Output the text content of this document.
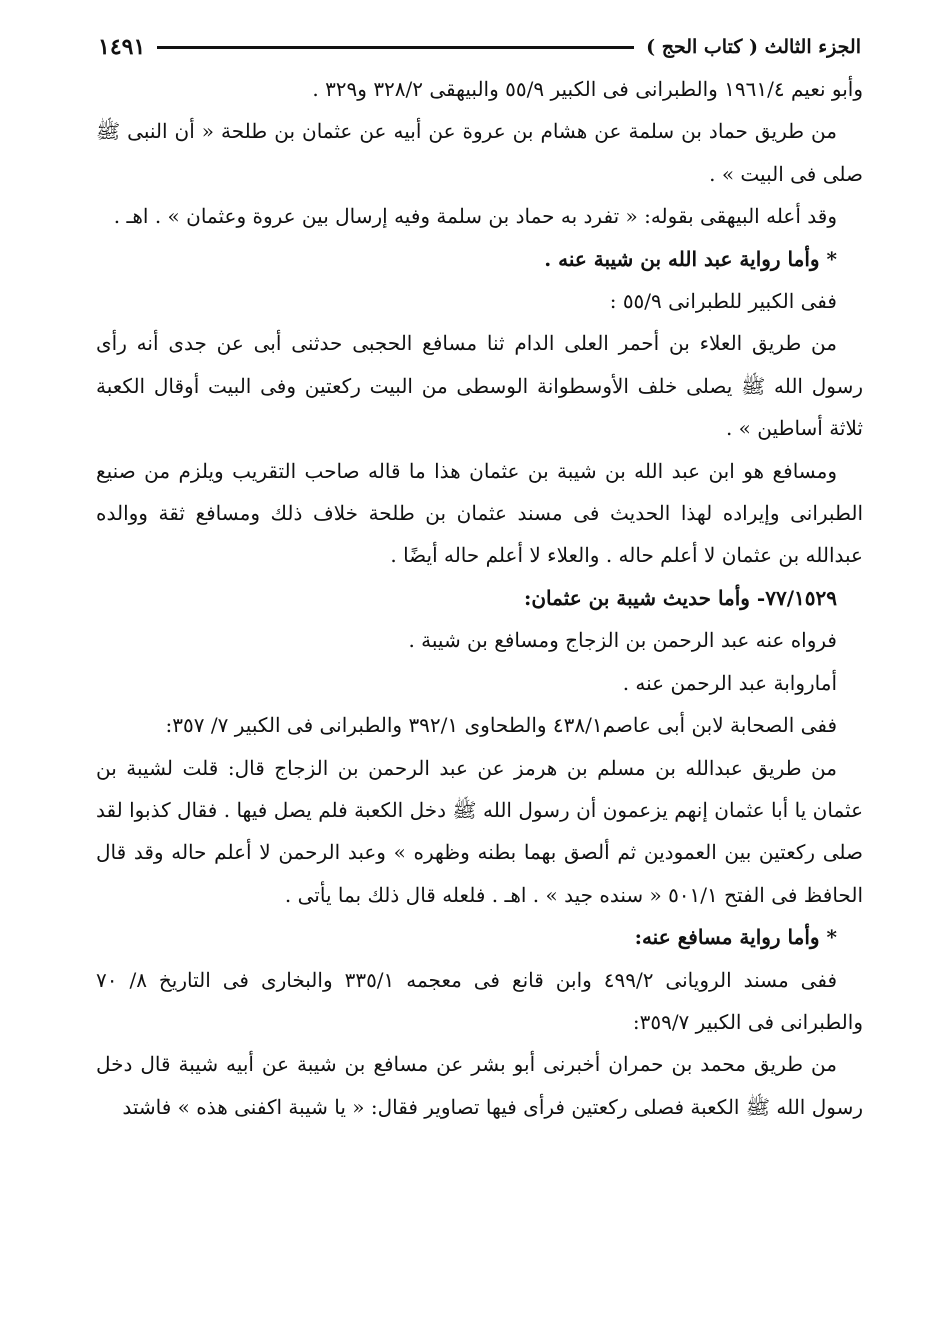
الجزء الثالث ( كتاب الحج )
١٤٩١

وأبو نعيم ١٩٦١/٤ والطبرانى فى الكبير ٥٥/٩ والبيهقى ٣٢٨/٢ و٣٢٩ .

من طريق حماد بن سلمة عن هشام بن عروة عن أبيه عن عثمان بن طلحة « أن النبى ﷺ صلى فى البيت » .

وقد أعله البيهقى بقوله: « تفرد به حماد بن سلمة وفيه إرسال بين عروة وعثمان » . اهـ .

* وأما رواية عبد الله بن شيبة عنه .

ففى الكبير للطبرانى ٥٥/٩ :

من طريق العلاء بن أحمر العلى الدام ثنا مسافع الحجبى حدثنى أبى عن جدى أنه رأى رسول الله ﷺ يصلى خلف الأوسطوانة الوسطى من البيت ركعتين وفى البيت أوقال الكعبة ثلاثة أساطين » .

ومسافع هو ابن عبد الله بن شيبة بن عثمان هذا ما قاله صاحب التقريب ويلزم من صنيع الطبرانى وإيراده لهذا الحديث فى مسند عثمان بن طلحة خلاف ذلك ومسافع ثقة ووالده عبدالله بن عثمان لا أعلم حاله . والعلاء لا أعلم حاله أيضًا .

٧٧/١٥٢٩- وأما حديث شيبة بن عثمان:

فرواه عنه عبد الرحمن بن الزجاج ومسافع بن شيبة .

أماروابة عبد الرحمن عنه .

ففى الصحابة لابن أبى عاصم٤٣٨/١ والطحاوى ٣٩٢/١ والطبرانى فى الكبير ٧/ ٣٥٧:

من طريق عبدالله بن مسلم بن هرمز عن عبد الرحمن بن الزجاج قال: قلت لشيبة بن عثمان يا أبا عثمان إنهم يزعمون أن رسول الله ﷺ دخل الكعبة فلم يصل فيها . فقال كذبوا لقد صلى ركعتين بين العمودين ثم ألصق بهما بطنه وظهره » وعبد الرحمن لا أعلم حاله وقد قال الحافظ فى الفتح ٥٠١/١ « سنده جيد » . اهـ . فلعله قال ذلك بما يأتى .

* وأما رواية مسافع عنه:

ففى مسند الرويانى ٤٩٩/٢ وابن قانع فى معجمه ٣٣٥/١ والبخارى فى التاريخ ٨/ ٧٠ والطبرانى فى الكبير ٣٥٩/٧:

من طريق محمد بن حمران أخبرنى أبو بشر عن مسافع بن شيبة عن أبيه شيبة قال دخل رسول الله ﷺ الكعبة فصلى ركعتين فرأى فيها تصاوير فقال: « يا شيبة اكفنى هذه » فاشتد
